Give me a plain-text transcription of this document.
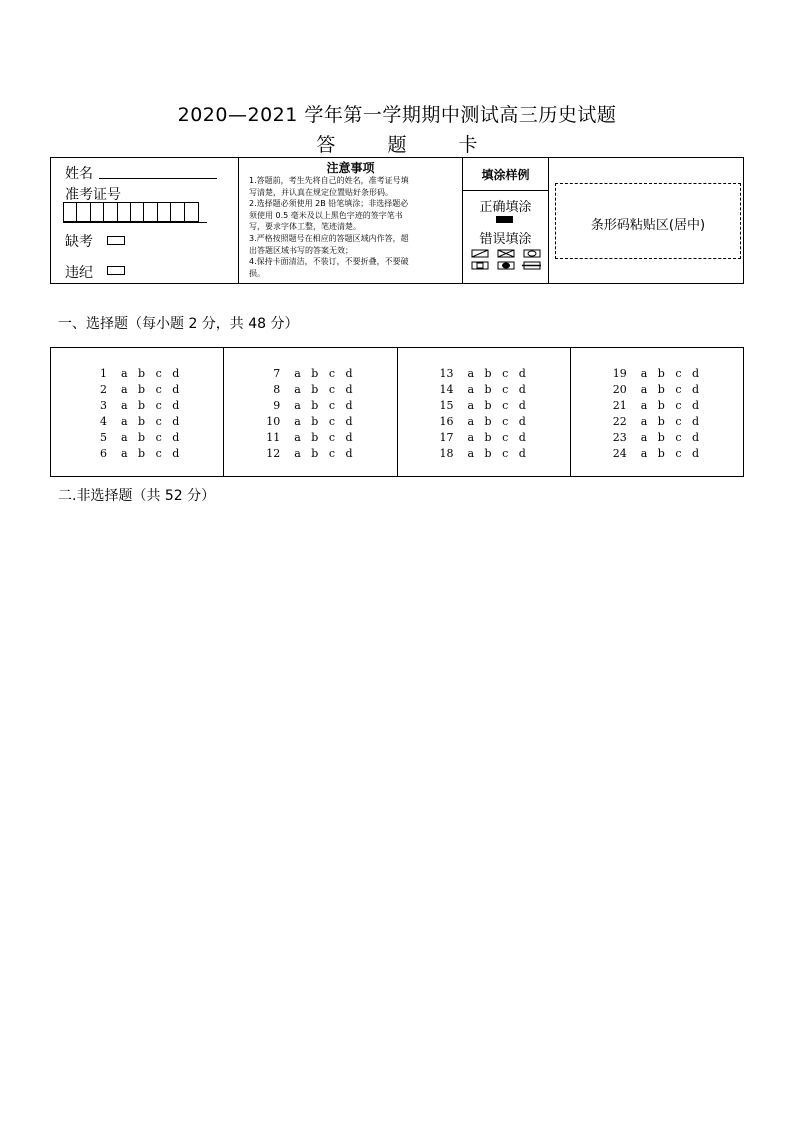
2020—2021 学年第一学期期中测试高三历史试题
答	题	卡
姓名
准考证号
缺考
违纪
注意事项
1.答题前，考生先将自己的姓名，准考证号填
写清楚，并认真在规定位置贴好条形码。
2.选择题必须使用 2B 铅笔填涂；非选择题必
须使用 0.5 毫米及以上黑色字迹的签字笔书
写，要求字体工整，笔迹清楚。
3.严格按照题号在相应的答题区域内作答，超
出答题区域书写的答案无效；
4.保持卡面清洁，不装订，不要折叠，不要破
损。
填涂样例
正确填涂
错误填涂
条形码粘贴区(居中)
一、选择题（每小题 2 分，共 48 分）
1 a b c d
2 a b c d
3 a b c d
4 a b c d
5 a b c d
6 a b c d
7 a b c d
8 a b c d
9 a b c d
10 a b c d
11 a b c d
12 a b c d
13 a b c d
14 a b c d
15 a b c d
16 a b c d
17 a b c d
18 a b c d
19 a b c d
20 a b c d
21 a b c d
22 a b c d
23 a b c d
24 a b c d
二.非选择题（共 52 分）
